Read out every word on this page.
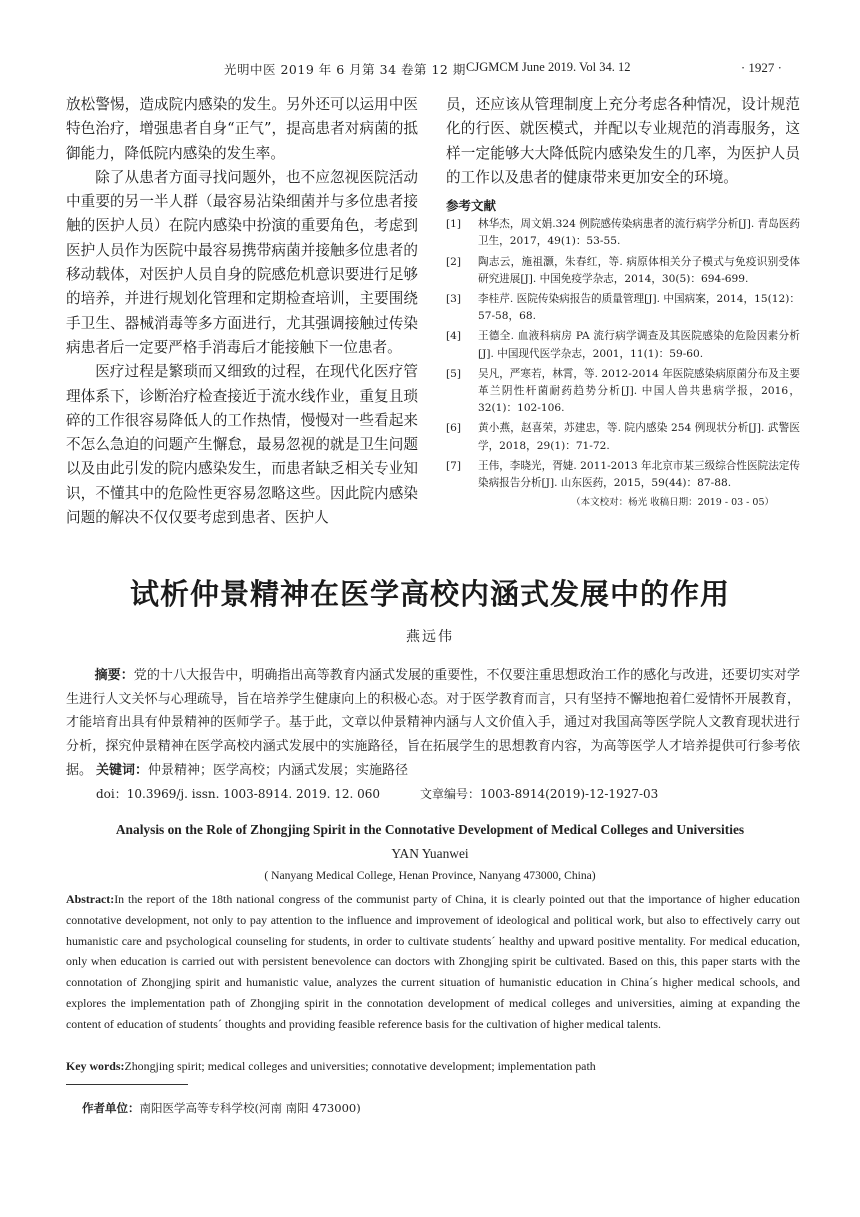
光明中医 2019 年 6 月第 34 卷第 12 期 CJGMCM June 2019. Vol 34. 12	· 1927 ·

放松警惕，造成院内感染的发生。另外还可以运用中医特色治疗，增强患者自身“正气”，提高患者对病菌的抵御能力，降低院内感染的发生率。

除了从患者方面寻找问题外，也不应忽视医院活动中重要的另一半人群（最容易沾染细菌并与多位患者接触的医护人员）在院内感染中扮演的重要角色，考虑到医护人员作为医院中最容易携带病菌并接触多位患者的移动载体，对医护人员自身的院感危机意识要进行足够的培养，并进行规划化管理和定期检查培训，主要围绕手卫生、器械消毒等多方面进行，尤其强调接触过传染病患者后一定要严格手消毒后才能接触下一位患者。

医疗过程是繁琐而又细致的过程，在现代化医疗管理体系下，诊断治疗检查接近于流水线作业，重复且琐碎的工作很容易降低人的工作热情，慢慢对一些看起来不怎么急迫的问题产生懈怠，最易忽视的就是卫生问题以及由此引发的院内感染发生，而患者缺乏相关专业知识，不懂其中的危险性更容易忽略这些。因此院内感染问题的解决不仅仅要考虑到患者、医护人

员，还应该从管理制度上充分考虑各种情况，设计规范化的行医、就医模式，并配以专业规范的消毒服务，这样一定能够大大降低院内感染发生的几率，为医护人员的工作以及患者的健康带来更加安全的环境。

参考文献
[1] 林华杰，周文娟.324 例院感传染病患者的流行病学分析[J]. 青岛医药卫生，2017，49(1)：53-55.
[2] 陶志云，施祖灏，朱春红，等. 病原体相关分子模式与免疫识别受体研究进展[J]. 中国免疫学杂志，2014，30(5)：694-699.
[3] 李桂芹. 医院传染病报告的质量管理[J]. 中国病案，2014，15(12)：57-58，68.
[4] 王德全. 血液科病房 PA 流行病学调查及其医院感染的危险因素分析[J]. 中国现代医学杂志，2001，11(1)：59-60.
[5] 吴凡，严寒若，林霄，等. 2012-2014 年医院感染病原菌分布及主要革兰阴性杆菌耐药趋势分析[J]. 中国人兽共患病学报，2016，32(1)：102-106.
[6] 黄小燕，赵喜荣，苏建忠，等. 院内感染 254 例现状分析[J]. 武警医学，2018，29(1)：71-72.
[7] 王伟，李晓光，胥婕. 2011-2013 年北京市某三级综合性医院法定传染病报告分析[J]. 山东医药，2015，59(44)：87-88.
（本文校对：杨光 收稿日期：2019 - 03 - 05）
试析仲景精神在医学高校内涵式发展中的作用
燕远伟

摘要：党的十八大报告中，明确指出高等教育内涵式发展的重要性，不仅要注重思想政治工作的感化与改进，还要切实对学生进行人文关怀与心理疏导，旨在培养学生健康向上的积极心态。对于医学教育而言，只有坚持不懈地抱着仁爱情怀开展教育，才能培育出具有仲景精神的医师学子。基于此，文章以仲景精神内涵与人文价值入手，通过对我国高等医学院人文教育现状进行分析，探究仲景精神在医学高校内涵式发展中的实施路径，旨在拓展学生的思想教育内容，为高等医学人才培养提供可行参考依据。 关键词：仲景精神；医学高校；内涵式发展；实施路径
doi：10.3969/j. issn. 1003-8914. 2019. 12. 060	文章编号：1003-8914(2019)-12-1927-03
Analysis on the Role of Zhongjing Spirit in the Connotative Development of Medical Colleges and Universities
YAN Yuanwei
( Nanyang Medical College, Henan Province, Nanyang 473000, China)
Abstract:In the report of the 18th national congress of the communist party of China, it is clearly pointed out that the importance of higher education connotative development, not only to pay attention to the influence and improvement of ideological and political work, but also to effectively carry out humanistic care and psychological counseling for students, in order to cultivate students´ healthy and upward positive mentality. For medical education, only when education is carried out with persistent benevolence can doctors with Zhongjing spirit be cultivated. Based on this, this paper starts with the connotation of Zhongjing spirit and humanistic value, analyzes the current situation of humanistic education in China´s higher medical schools, and explores the implementation path of Zhongjing spirit in the connotation development of medical colleges and universities, aiming at expanding the content of education of students´ thoughts and providing feasible reference basis for the cultivation of higher medical talents.
Key words:Zhongjing spirit; medical colleges and universities; connotative development; implementation path
作者单位：南阳医学高等专科学校(河南 南阳 473000)
